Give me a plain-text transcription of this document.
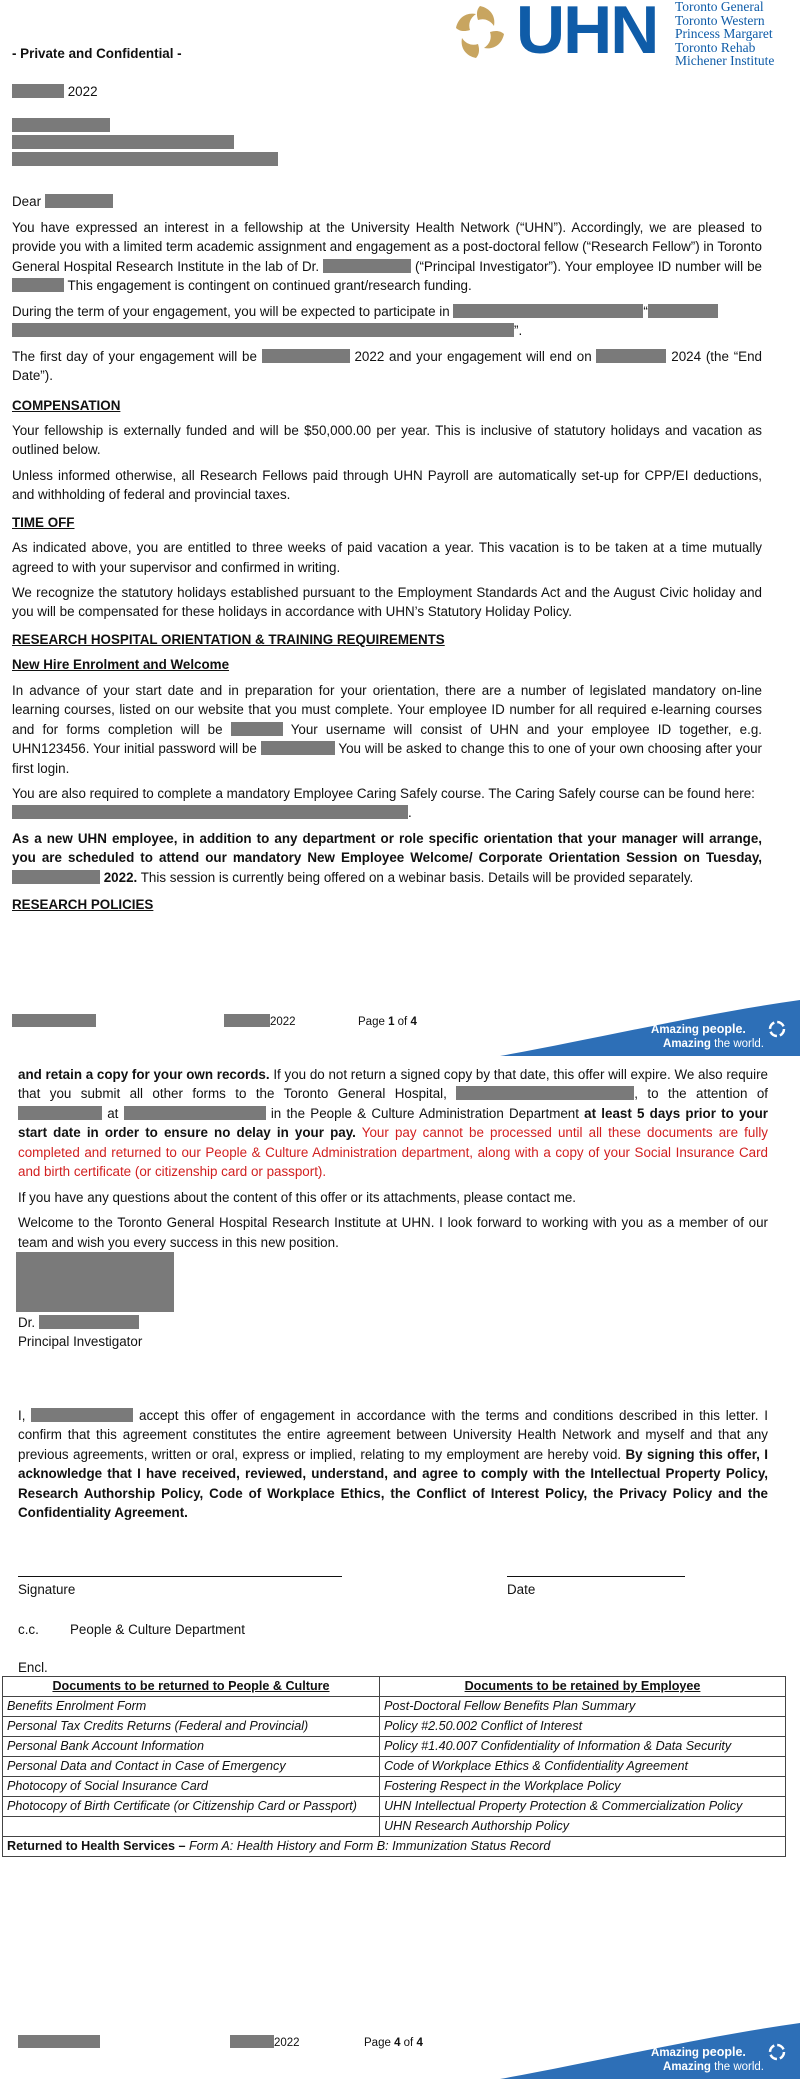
- Private and Confidential -	UHN Toronto General
Toronto Western
Princess Margaret
Toronto Rehab
Michener Institute
2022
Dear

You have expressed an interest in a fellowship at the University Health Network (“UHN”). Accordingly, we are pleased to provide you with a limited term academic assignment and engagement as a post-doctoral fellow (“Research Fellow”) in Toronto General Hospital Research Institute in the lab of Dr.	(“Principal Investigator”). Your employee ID number will be  This engagement is contingent on continued grant/research funding.

During the term of your engagement, you will be expected to participate in	“
”.

The first day of your engagement will be	2022 and your engagement will end on	2024 (the “End Date”).

COMPENSATION

Your fellowship is externally funded and will be $50,000.00 per year. This is inclusive of statutory holidays and vacation as outlined below.

Unless informed otherwise, all Research Fellows paid through UHN Payroll are automatically set-up for CPP/EI deductions, and withholding of federal and provincial taxes.

TIME OFF

As indicated above, you are entitled to three weeks of paid vacation a year. This vacation is to be taken at a time mutually agreed to with your supervisor and confirmed in writing.

We recognize the statutory holidays established pursuant to the Employment Standards Act and the August Civic holiday and you will be compensated for these holidays in accordance with UHN’s Statutory Holiday Policy.

RESEARCH HOSPITAL ORIENTATION & TRAINING REQUIREMENTS

New Hire Enrolment and Welcome

In advance of your start date and in preparation for your orientation, there are a number of legislated mandatory on-line learning courses, listed on our website that you must complete. Your employee ID number for all required e-learning courses and for forms completion will be	Your username will consist of UHN and your employee ID together, e.g. UHN123456. Your initial password will be	You will be asked to change this to one of your own choosing after your first login.

You are also required to complete a mandatory Employee Caring Safely course. The Caring Safely course can be found here: .

As a new UHN employee, in addition to any department or role specific orientation that your manager will arrange, you are scheduled to attend our mandatory New Employee Welcome/ Corporate Orientation Session on Tuesday,  2022. This session is currently being offered on a webinar basis. Details will be provided separately.

RESEARCH POLICIES

2022	Page 1 of 4
Amazing people.
Amazing the world.

and retain a copy for your own records. If you do not return a signed copy by that date, this offer will expire. We also require that you submit all other forms to the Toronto General Hospital,	, to the attention of  at	in the People & Culture Administration Department at least 5 days prior to your start date in order to ensure no delay in your pay. Your pay cannot be processed until all these documents are fully completed and returned to our People & Culture Administration department, along with a copy of your Social Insurance Card and birth certificate (or citizenship card or passport).

If you have any questions about the content of this offer or its attachments, please contact me.

Welcome to the Toronto General Hospital Research Institute at UHN. I look forward to working with you as a member of our team and wish you every success in this new position.

Dr.
Principal Investigator
I,	accept this offer of engagement in accordance with the terms and conditions described in this letter. I confirm that this agreement constitutes the entire agreement between University Health Network and myself and that any previous agreements, written or oral, express or implied, relating to my employment are hereby void. By signing this offer, I acknowledge that I have received, reviewed, understand, and agree to comply with the Intellectual Property Policy, Research Authorship Policy, Code of Workplace Ethics, the Conflict of Interest Policy, the Privacy Policy and the Confidentiality Agreement.
Signature	Date
c.c. People & Culture Department
Encl.
Documents to be returned to People & Culture	Documents to be retained by Employee
Benefits Enrolment Form	Post-Doctoral Fellow Benefits Plan Summary
Personal Tax Credits Returns (Federal and Provincial)	Policy #2.50.002 Conflict of Interest
Personal Bank Account Information	Policy #1.40.007 Confidentiality of Information & Data Security
Personal Data and Contact in Case of Emergency	Code of Workplace Ethics & Confidentiality Agreement
Photocopy of Social Insurance Card	Fostering Respect in the Workplace Policy
Photocopy of Birth Certificate (or Citizenship Card or Passport)	UHN Intellectual Property Protection & Commercialization Policy
	UHN Research Authorship Policy
Returned to Health Services – Form A: Health History and Form B: Immunization Status Record	
2022	Page 4 of 4
Amazing people.
Amazing the world.
